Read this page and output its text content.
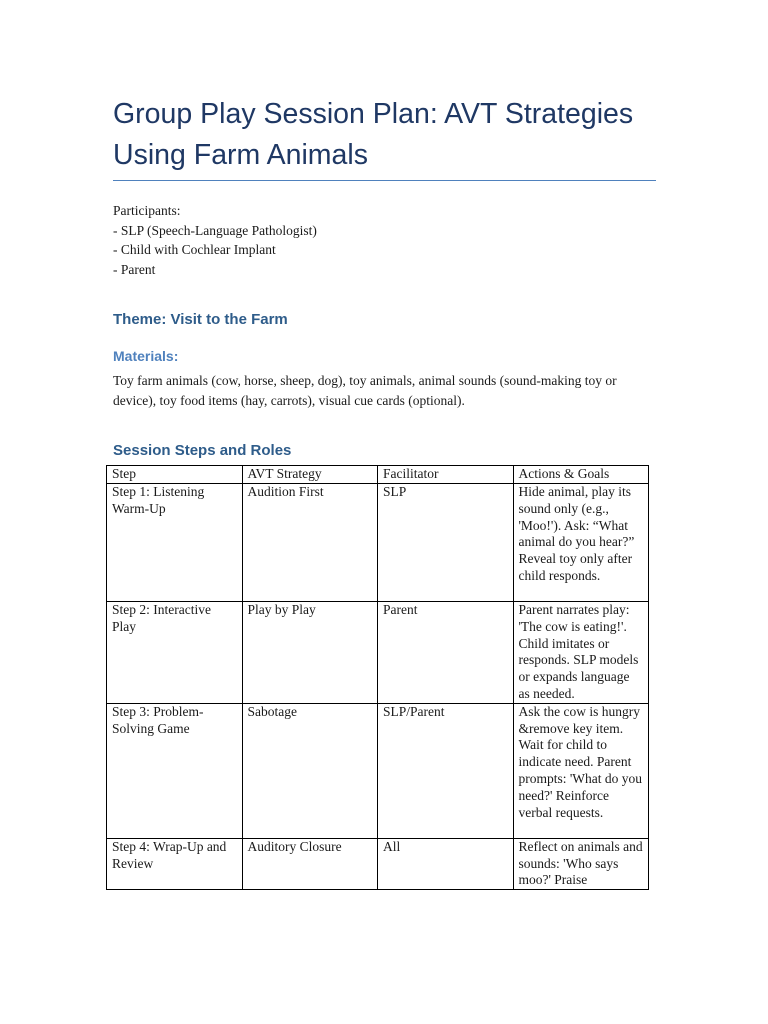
Group Play Session Plan: AVT Strategies Using Farm Animals
Participants:
- SLP (Speech-Language Pathologist)
- Child with Cochlear Implant
- Parent
Theme: Visit to the Farm
Materials:
Toy farm animals (cow, horse, sheep, dog), toy animals, animal sounds (sound-making toy or device), toy food items (hay, carrots), visual cue cards (optional).
Session Steps and Roles
Step	AVT Strategy	Facilitator	Actions & Goals
Step 1: Listening Warm-Up	Audition First	SLP	Hide animal, play its sound only (e.g., 'Moo!'). Ask: “What animal do you hear?” Reveal toy only after child responds.
Step 2: Interactive Play	Play by Play	Parent	Parent narrates play: 'The cow is eating!'. Child imitates or responds. SLP models or expands language as needed.
Step 3: Problem-Solving Game	Sabotage	SLP/Parent	Ask the cow is hungry &remove key item. Wait for child to indicate need. Parent prompts: 'What do you need?' Reinforce verbal requests.
Step 4: Wrap-Up and Review	Auditory Closure	All	Reflect on animals and sounds: 'Who says moo?' Praise
